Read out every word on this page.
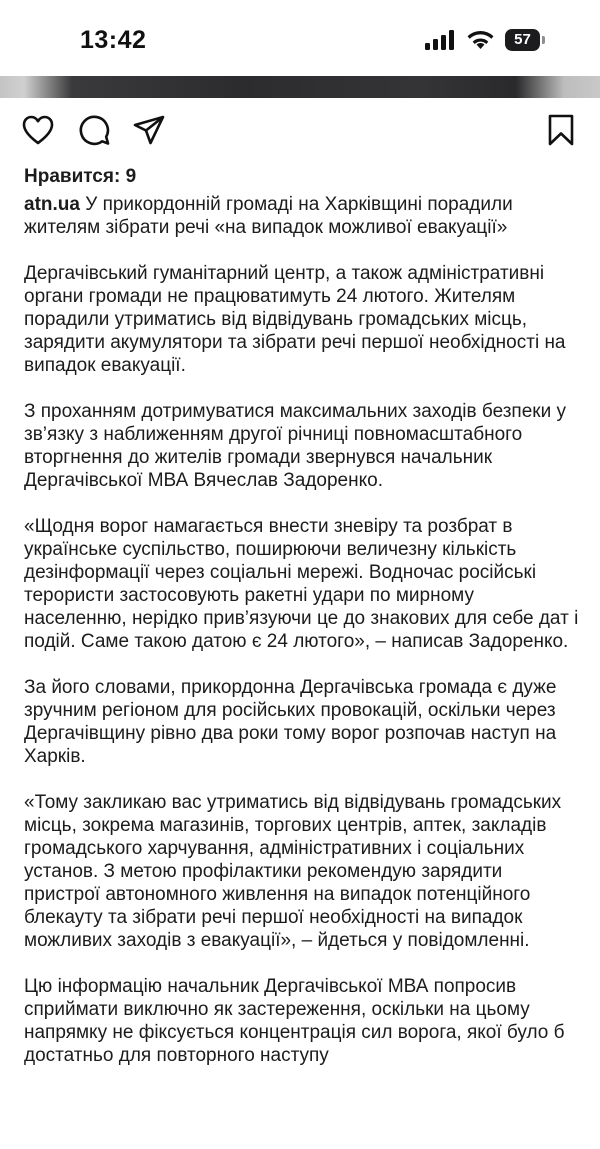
13:42	57
Нравится: 9

atn.ua У прикордонній громаді на Харківщині порадили жителям зібрати речі «на випадок можливої евакуації»

Дергачівський гуманітарний центр, а також адміністративні органи громади не працюватимуть 24 лютого. Жителям порадили утриматись від відвідувань громадських місць, зарядити акумулятори та зібрати речі першої необхідності на випадок евакуації.

З проханням дотримуватися максимальних заходів безпеки у зв’язку з наближенням другої річниці повномасштабного вторгнення до жителів громади звернувся начальник Дергачівської МВА Вячеслав Задоренко.

«Щодня ворог намагається внести зневіру та розбрат в українське суспільство, поширюючи величезну кількість дезінформації через соціальні мережі. Водночас російські терористи застосовують ракетні удари по мирному населенню, нерідко прив’язуючи це до знакових для себе дат і подій. Саме такою датою є 24 лютого», – написав Задоренко.

За його словами, прикордонна Дергачівська громада є дуже зручним регіоном для російських провокацій, оскільки через Дергачівщину рівно два роки тому ворог розпочав наступ на Харків.

«Тому закликаю вас утриматись від відвідувань громадських місць, зокрема магазинів, торгових центрів, аптек, закладів громадського харчування, адміністративних і соціальних установ. З метою профілактики рекомендую зарядити пристрої автономного живлення на випадок потенційного блекауту та зібрати речі першої необхідності на випадок можливих заходів з евакуації», – йдеться у повідомленні.

Цю інформацію начальник Дергачівської МВА попросив сприймати виключно як застереження, оскільки на цьому напрямку не фіксується концентрація сил ворога, якої було б достатньо для повторного наступу
